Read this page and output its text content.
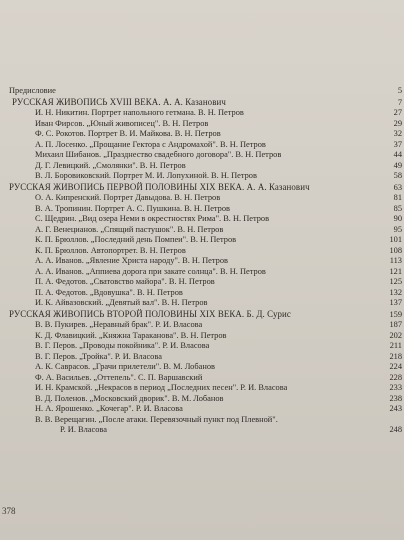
Предисловие	5
РУССКАЯ ЖИВОПИСЬ XVIII ВЕКА. А. А. Казанович	7
И. Н. Никитин. Портрет напольного гетмана. В. Н. Петров	27
Иван Фирсов. „Юный живописец". В. Н. Петров	29
Ф. С. Рокотов. Портрет В. И. Майкова. В. Н. Петров	32
А. П. Лосенко. „Прощание Гектора с Андромахой". В. Н. Петров	37
Михаил Шибанов. „Празднество свадебного договора". В. Н. Петров	44
Д. Г. Левицкий. „Смолянки". В. Н. Петров	49
В. Л. Боровиковский. Портрет М. И. Лопухиной. В. Н. Петров	58
РУССКАЯ ЖИВОПИСЬ ПЕРВОЙ ПОЛОВИНЫ XIX ВЕКА. А. А. Казанович	63
О. А. Кипренский. Портрет Давыдова. В. Н. Петров	81
В. А. Тропинин. Портрет А. С. Пушкина. В. Н. Петров	85
С. Щедрин. „Вид озера Неми в окрестностях Рима". В. Н. Петров	90
А. Г. Венецианов. „Спящий пастушок". В. Н. Петров	95
К. П. Брюллов. „Последний день Помпеи". В. Н. Петров	101
К. П. Брюллов. Автопортрет. В. Н. Петров	108
А. А. Иванов. „Явление Христа народу". В. Н. Петров	113
А. А. Иванов. „Аппиева дорога при закате солнца". В. Н. Петров	121
П. А. Федотов. „Сватовство майора". В. Н. Петров	125
П. А. Федотов. „Вдовушка". В. Н. Петров	132
И. К. Айвазовский. „Девятый вал". В. Н. Петров	137
РУССКАЯ ЖИВОПИСЬ ВТОРОЙ ПОЛОВИНЫ XIX ВЕКА. Б. Д. Сурис	159
В. В. Пукирев. „Неравный брак". Р. И. Власова	187
К. Д. Флавицкий. „Княжна Тараканова". В. Н. Петров	202
В. Г. Перов. „Проводы покойника". Р. И. Власова	211
В. Г. Перов. „Тройка". Р. И. Власова	218
А. К. Саврасов. „Грачи прилетели". В. М. Лобанов	224
Ф. А. Васильев. „Оттепель". С. П. Варшавский	228
И. Н. Крамской. „Некрасов в период „Последних песен". Р. И. Власова	233
В. Д. Поленов. „Московский дворик". В. М. Лобанов	238
Н. А. Ярошенко. „Кочегар". Р. И. Власова	243
В. В. Верещагин. „После атаки. Перевязочный пункт под Плевной".
Р. И. Власова	248
378
